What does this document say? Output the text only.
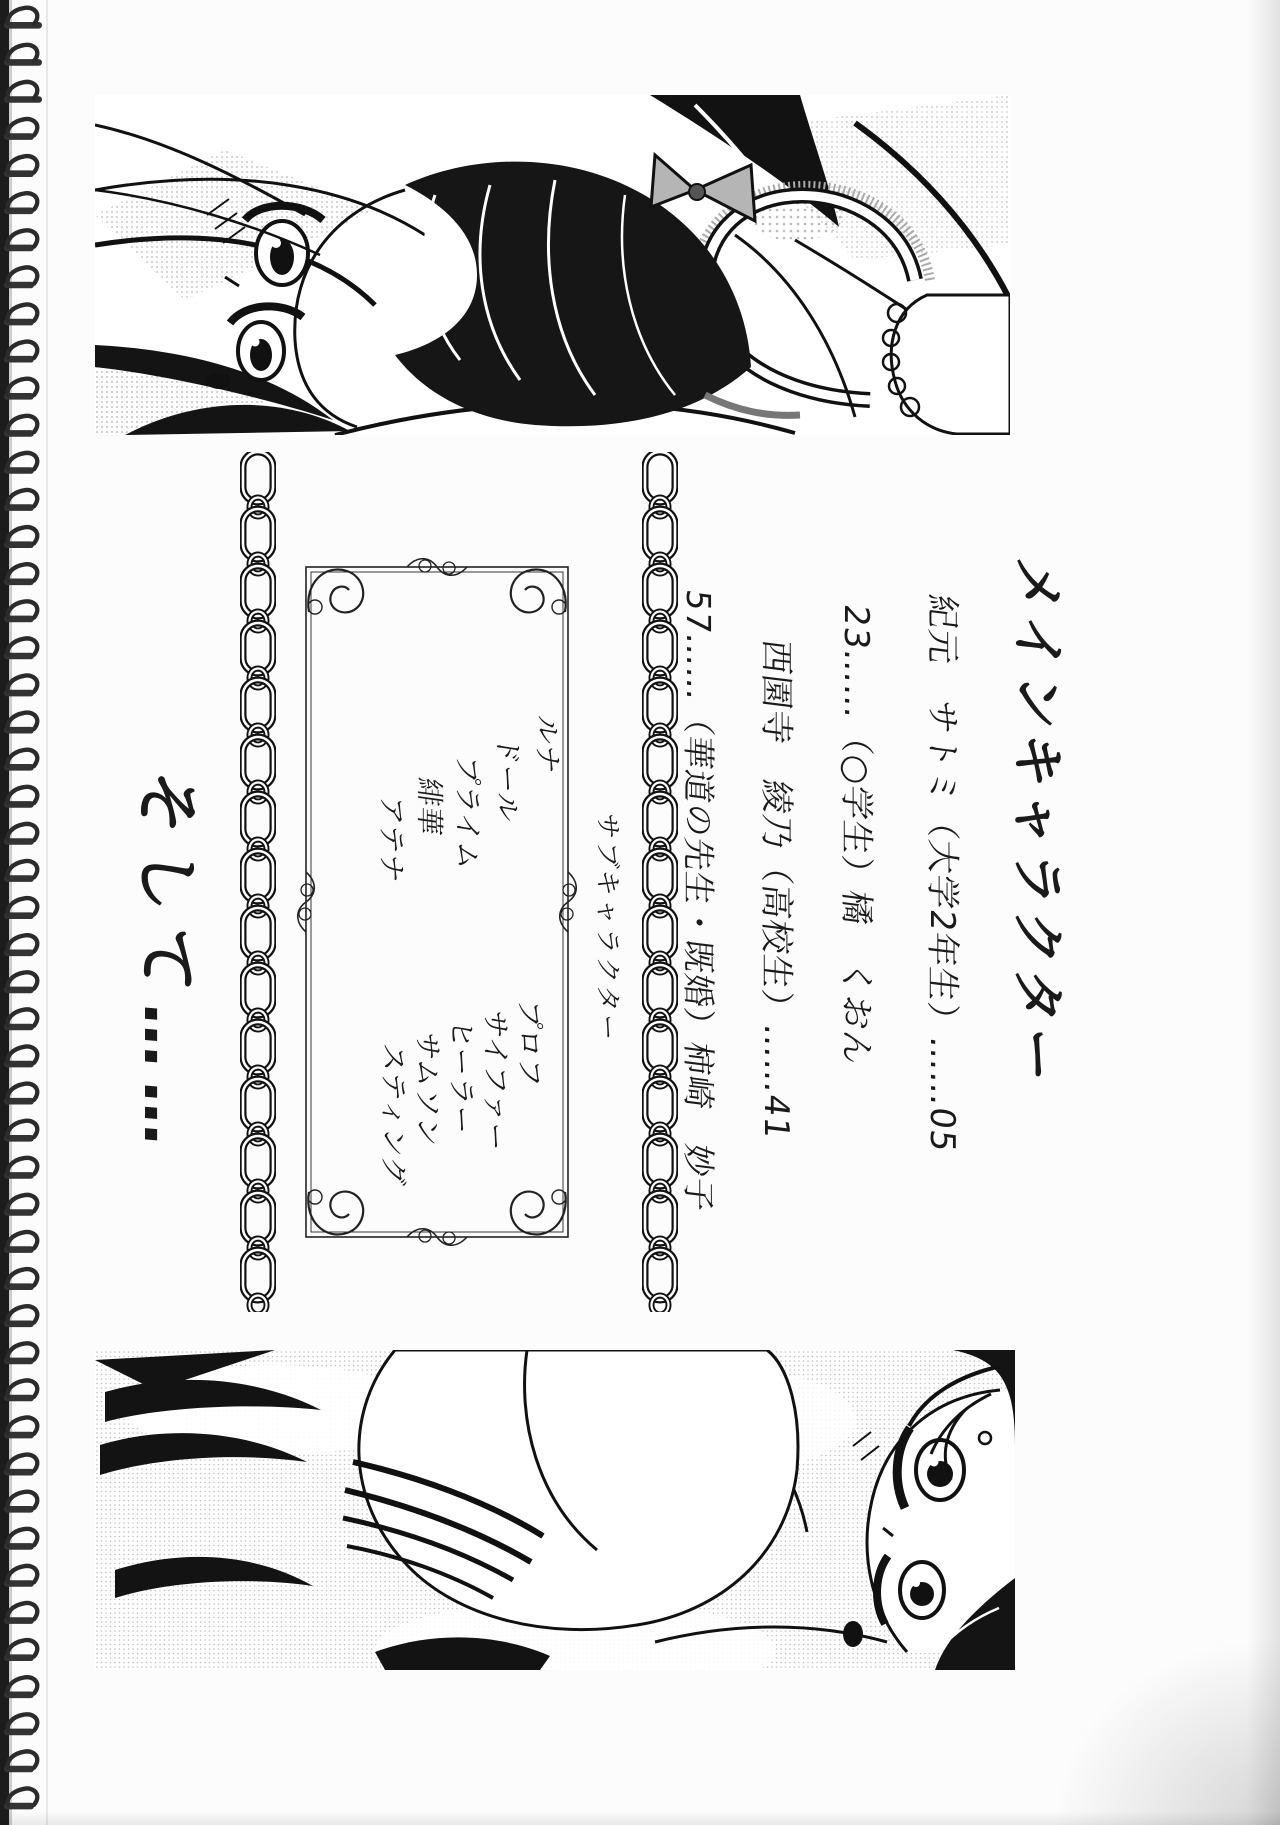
メインキャラクター
紀元　サトミ（大学2年生）……05
23……（○学生）橘　くおん
西園寺　綾乃（高校生）……41
57……（華道の先生・既婚）柿崎　妙子
サブキャラクター
ルナ
ドール
プライム
緋華
アテナ
プロフ
サイファー
ヒーラー
サムソン
スティング
そして……
